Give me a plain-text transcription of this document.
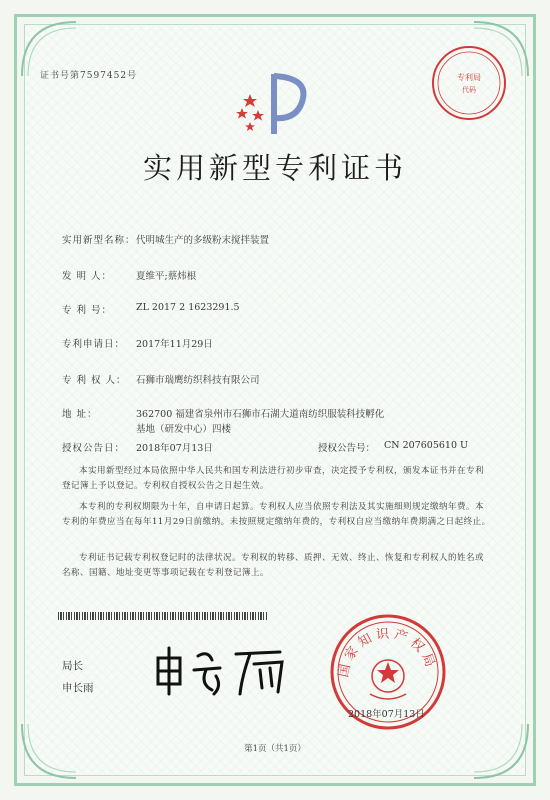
证书号第7597452号	专利局
代码
实用新型专利证书
实用新型名称： 代明城生产的多级粉末搅拌装置
发 明 人：	夏维平;蔡炜根
专 利 号：	ZL 2017 2 1623291.5
专利申请日： 2017年11月29日
专 利 权 人： 石狮市瑞鹰纺织科技有限公司
地 址：	362700 福建省泉州市石狮市石湖大道南纺织服装科技孵化
基地（研发中心）四楼
授权公告日： 2018年07月13日	授权公告号： CN 207605610 U
本实用新型经过本局依照中华人民共和国专利法进行初步审查，决定授予专利权，颁发本证书并在专利登记簿上予以登记。专利权自授权公告之日起生效。
本专利的专利权期限为十年，自申请日起算。专利权人应当依照专利法及其实施细则规定缴纳年费。本专利的年费应当在每年11月29日前缴纳。未按照规定缴纳年费的，专利权自应当缴纳年费期满之日起终止。
专利证书记载专利权登记时的法律状况。专利权的转移、质押、无效、终止、恢复和专利权人的姓名或名称、国籍、地址变更等事项记载在专利登记簿上。
局长
申长雨
国家知识产权局
2018年07月13日
第1页（共1页）
